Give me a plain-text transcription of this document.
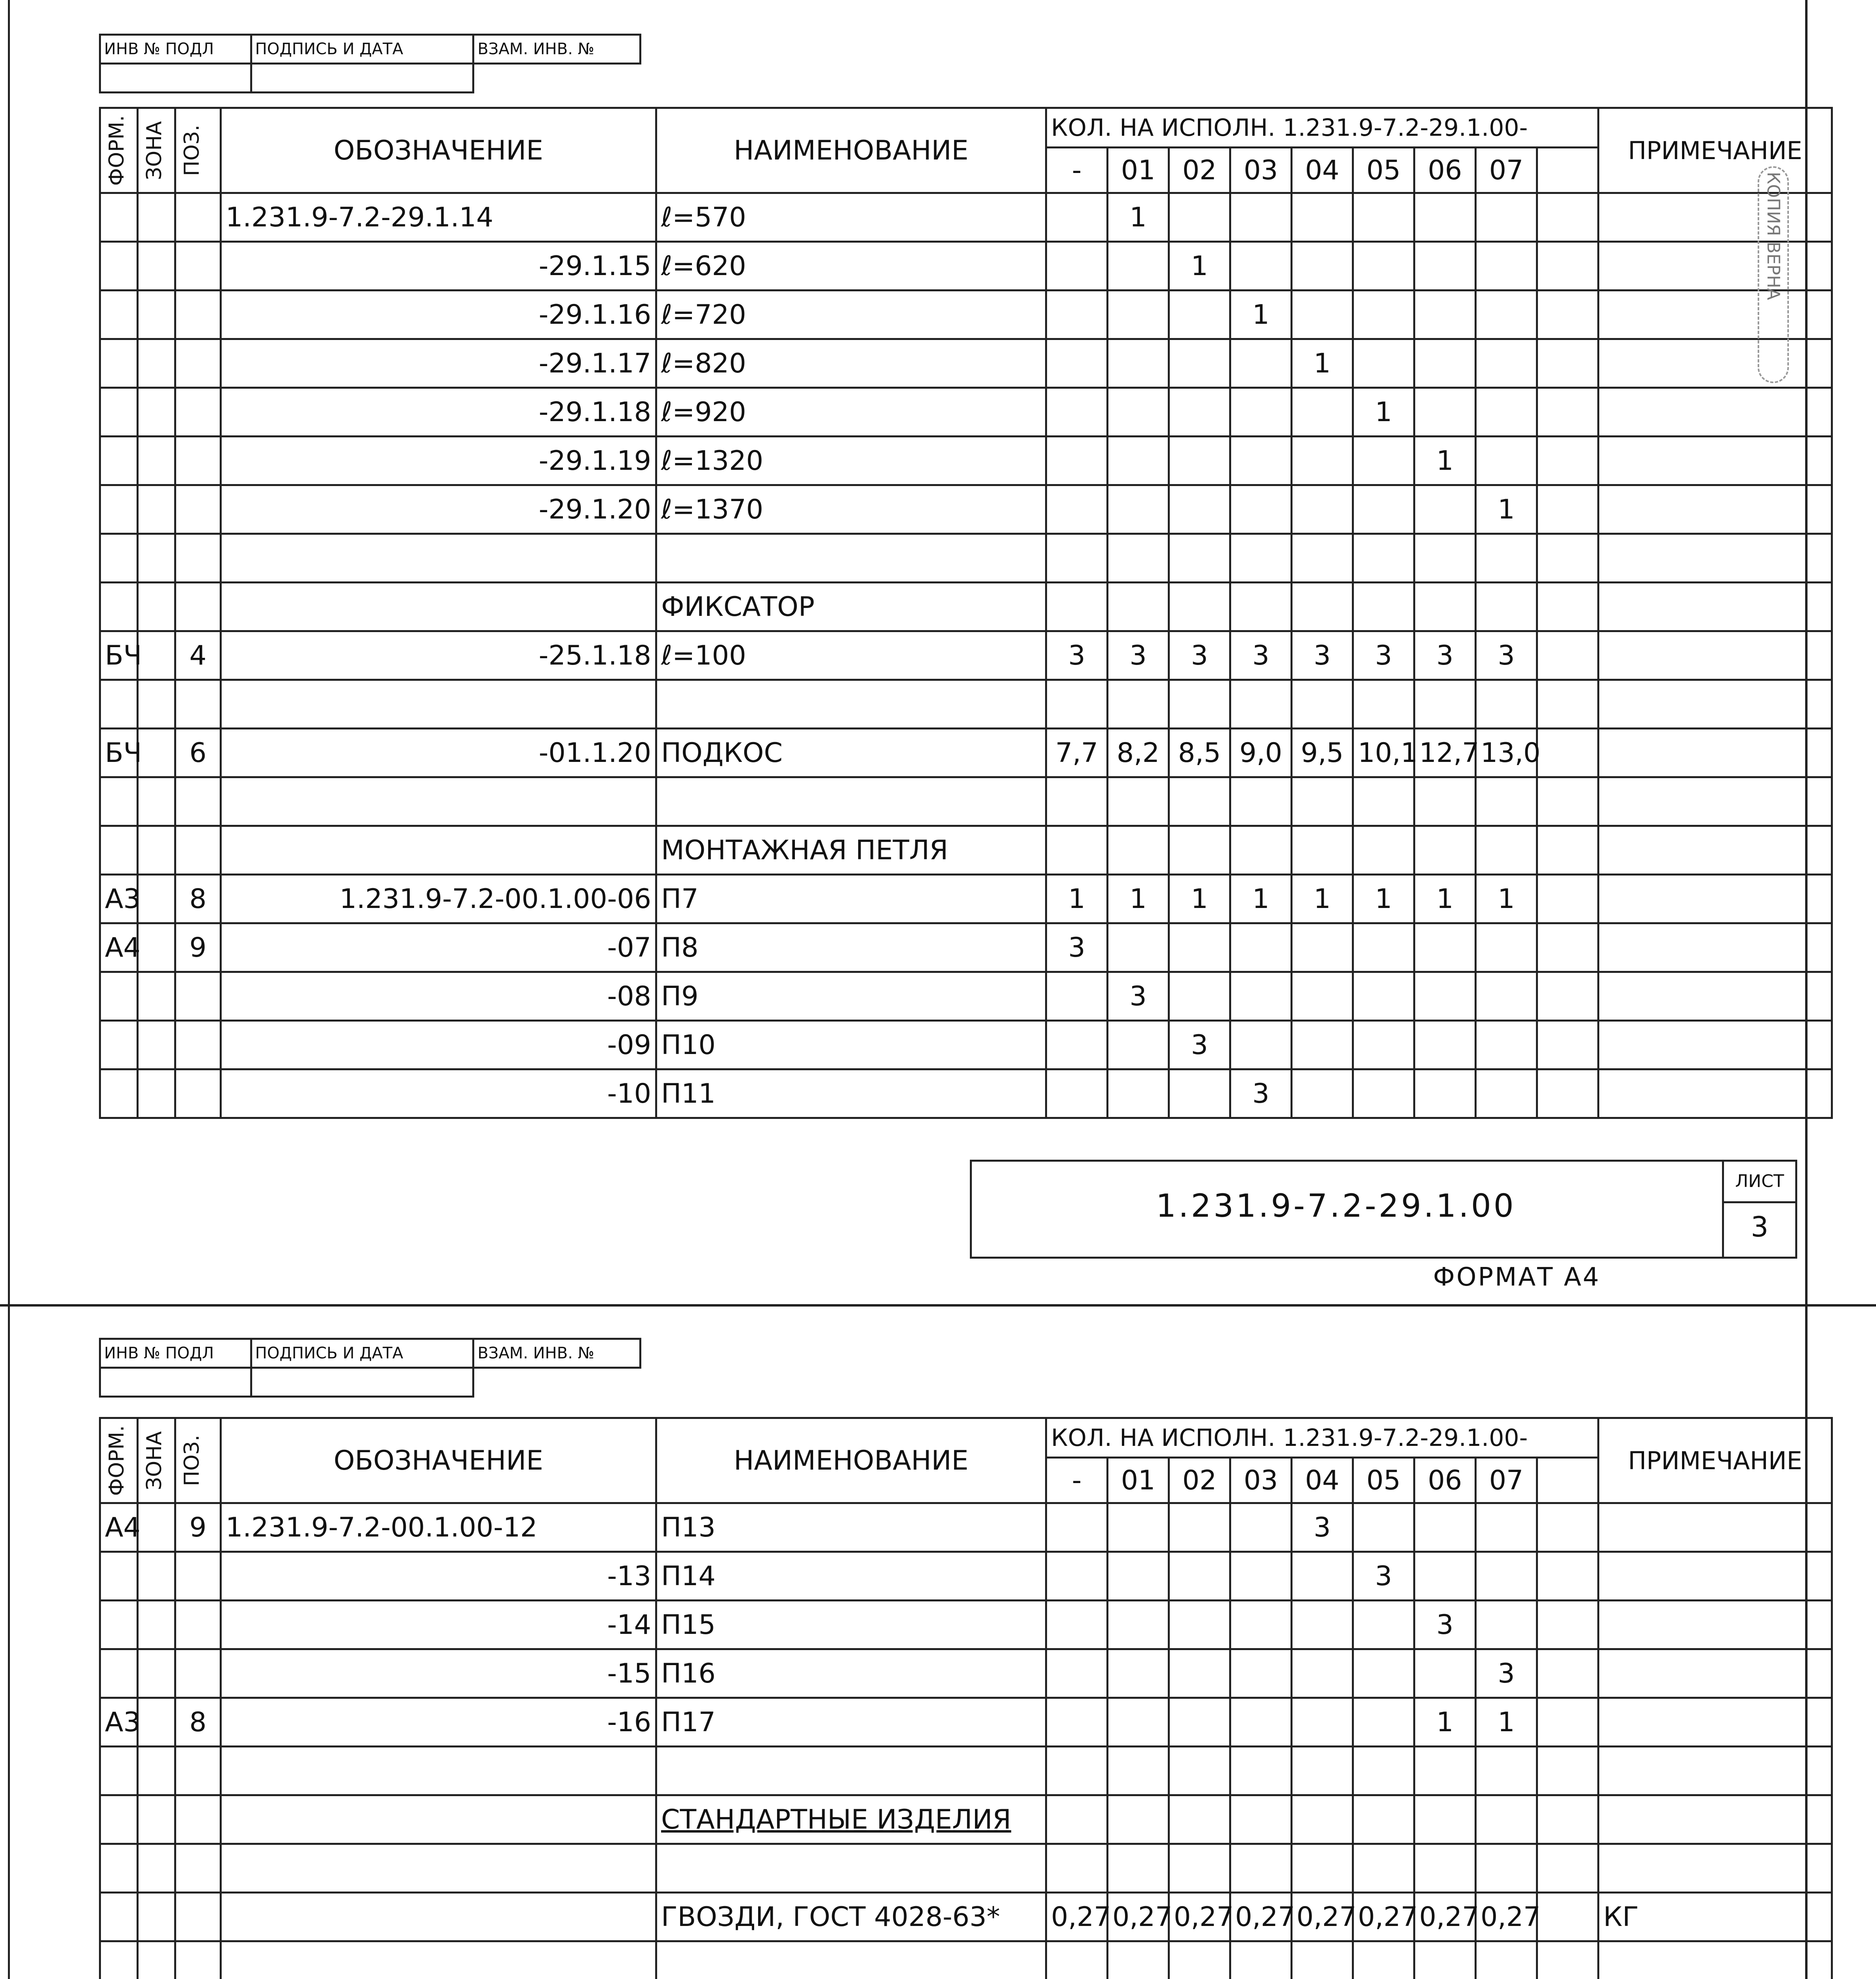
ИНВ № ПОДЛ	ПОДПИСЬ И ДАТА	ВЗАМ. ИНВ. №

ФОРМ.	ЗОНА	ПОЗ.	ОБОЗНАЧЕНИЕ	НАИМЕНОВАНИЕ	КОЛ. НА ИСПОЛН. 1.231.9-7.2-29.1.00-									ПРИМЕЧАНИЕ
					-	01	02	03	04	05	06	07		
			1.231.9-7.2-29.1.14	ℓ=570		1								
			-29.1.15	ℓ=620			1							
			-29.1.16	ℓ=720				1						
			-29.1.17	ℓ=820					1					
			-29.1.18	ℓ=920						1				
			-29.1.19	ℓ=1320							1			
			-29.1.20	ℓ=1370								1		

				ФИКСАТОР										
БЧ		4	-25.1.18	ℓ=100	3	3	3	3	3	3	3	3		

БЧ		6	-01.1.20	ПОДКОС	7,7	8,2	8,5	9,0	9,5	10,1	12,7	13,0		

				МОНТАЖНАЯ ПЕТЛЯ										
А3		8	1.231.9-7.2-00.1.00-06	П7	1	1	1	1	1	1	1	1		
А4		9	-07	П8	3									
			-08	П9		3								
			-09	П10			3							
			-10	П11				3						
1.231.9-7.2-29.1.00
ЛИСТ
3
ФОРМАТ А4
КОПИЯ ВЕРНА
ИНВ № ПОДЛ	ПОДПИСЬ И ДАТА	ВЗАМ. ИНВ. №

ФОРМ.	ЗОНА	ПОЗ.	ОБОЗНАЧЕНИЕ	НАИМЕНОВАНИЕ	КОЛ. НА ИСПОЛН. 1.231.9-7.2-29.1.00-									ПРИМЕЧАНИЕ
					-	01	02	03	04	05	06	07		
А4		9	1.231.9-7.2-00.1.00-12	П13					3					
			-13	П14						3				
			-14	П15							3			
			-15	П16								3		
А3		8	-16	П17							1	1		

				СТАНДАРТНЫЕ ИЗДЕЛИЯ										

				ГВОЗДИ, ГОСТ 4028-63*	0,27	0,27	0,27	0,27	0,27	0,27	0,27	0,27		КГ
